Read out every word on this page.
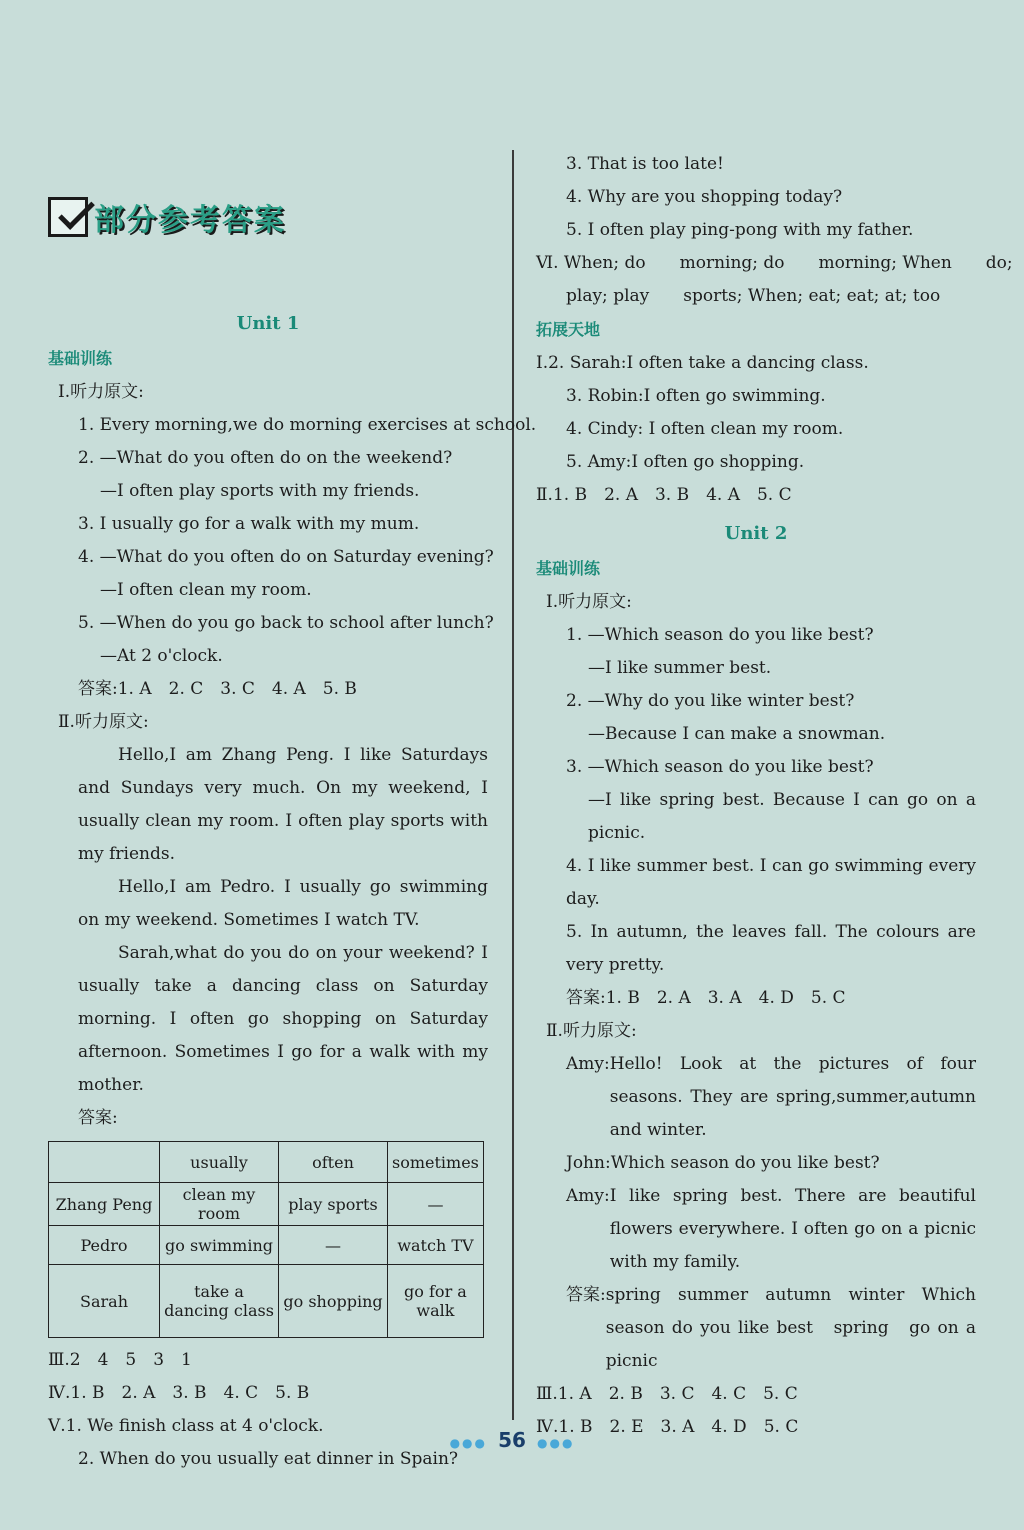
部分参考答案
Unit 1
基础训练
Ⅰ.听力原文:
1. Every morning,we do morning exercises at school.
2. —What do you often do on the weekend?
—I often play sports with my friends.
3. I usually go for a walk with my mum.
4. —What do you often do on Saturday evening?
—I often clean my room.
5. —When do you go back to school after lunch?
—At 2 o'clock.
答案:1. A　2. C　3. C　4. A　5. B
Ⅱ.听力原文:
Hello,I am Zhang Peng. I like Saturdays and Sundays very much. On my weekend, I usually clean my room. I often play sports with my friends.
Hello,I am Pedro. I usually go swimming on my weekend. Sometimes I watch TV.
Sarah,what do you do on your weekend? I usually take a dancing class on Saturday morning. I often go shopping on Saturday afternoon. Sometimes I go for a walk with my mother.
答案:
	usually	often	sometimes
Zhang Peng	clean my room	play sports	—
Pedro	go swimming	—	watch TV
Sarah	take a dancing class	go shopping	go for a walk
Ⅲ.2　4　5　3　1
Ⅳ.1. B　2. A　3. B　4. C　5. B
Ⅴ.1. We finish class at 4 o'clock.
2. When do you usually eat dinner in Spain?
3. That is too late!
4. Why are you shopping today?
5. I often play ping-pong with my father.
Ⅵ. When; do　　morning; do　　morning; When　　do;
play; play　　sports; When; eat; eat; at; too
拓展天地
Ⅰ.2. Sarah:I often take a dancing class.
3. Robin:I often go swimming.
4. Cindy: I often clean my room.
5. Amy:I often go shopping.
Ⅱ.1. B　2. A　3. B　4. A　5. C
Unit 2
基础训练
Ⅰ.听力原文:
1. —Which season do you like best?
—I like summer best.
2. —Why do you like winter best?
—Because I can make a snowman.
3. —Which season do you like best?
—I like spring best. Because I can go on a picnic.
4. I like summer best. I can go swimming every day.
5. In autumn, the leaves fall. The colours are very pretty.
答案:1. B　2. A　3. A　4. D　5. C
Ⅱ.听力原文:
Amy: Hello! Look at the pictures of four seasons. They are spring,summer,autumn and winter.
John: Which season do you like best?
Amy: I like spring best. There are beautiful flowers everywhere. I often go on a picnic with my family.
答案: spring　summer　autumn　winter　Which season do you like best　spring　go on a picnic
Ⅲ.1. A　2. B　3. C　4. C　5. C
Ⅳ.1. B　2. E　3. A　4. D　5. C
●●● 56 ●●●
